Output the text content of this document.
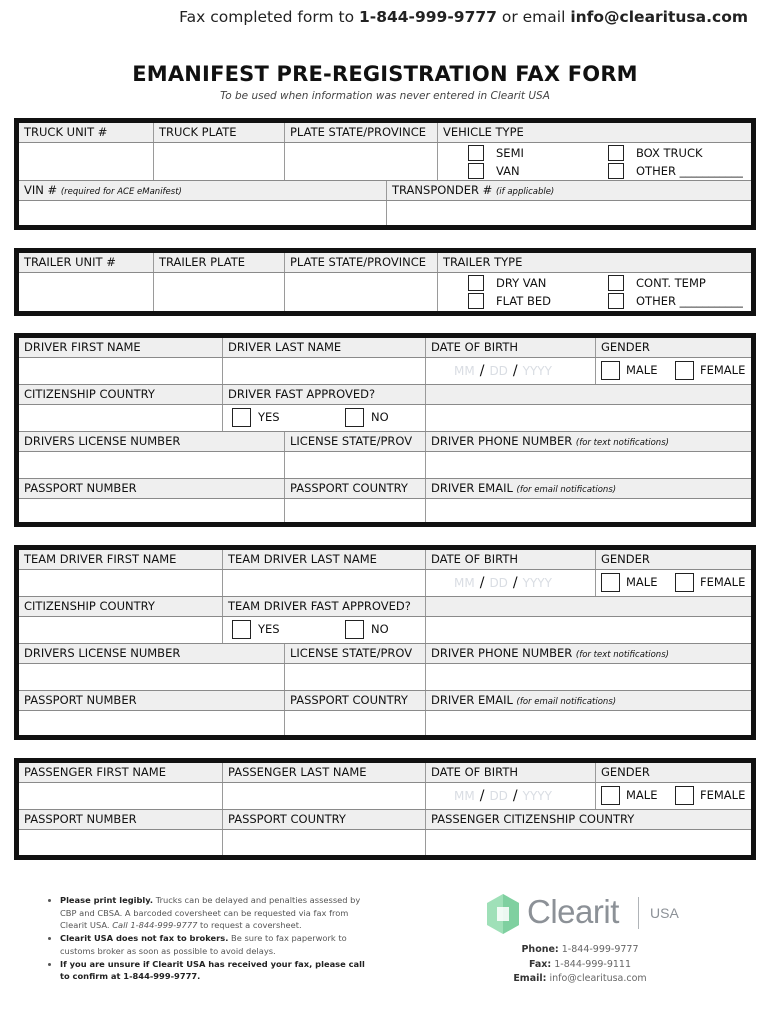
Fax completed form to 1-844-999-9777 or email info@clearitusa.com
EMANIFEST PRE-REGISTRATION FAX FORM
To be used when information was never entered in Clearit USA
TRUCK UNIT #	TRUCK PLATE	PLATE STATE/PROVINCE	VEHICLE TYPE
SEMI	BOX TRUCK
VAN	OTHER ___________
VIN # (required for ACE eManifest)	TRANSPONDER # (if applicable)
TRAILER UNIT #	TRAILER PLATE	PLATE STATE/PROVINCE	TRAILER TYPE
DRY VAN	CONT. TEMP
FLAT BED	OTHER ___________
DRIVER FIRST NAME	DRIVER LAST NAME	DATE OF BIRTH	GENDER
MM / DD / YYYY	MALE	FEMALE
CITIZENSHIP COUNTRY	DRIVER FAST APPROVED?
YES	NO
DRIVERS LICENSE NUMBER	LICENSE STATE/PROV	DRIVER PHONE NUMBER (for text notifications)
PASSPORT NUMBER	PASSPORT COUNTRY	DRIVER EMAIL (for email notifications)
TEAM DRIVER FIRST NAME	TEAM DRIVER LAST NAME	DATE OF BIRTH	GENDER
MM / DD / YYYY	MALE	FEMALE
CITIZENSHIP COUNTRY	TEAM DRIVER FAST APPROVED?
YES	NO
DRIVERS LICENSE NUMBER	LICENSE STATE/PROV	DRIVER PHONE NUMBER (for text notifications)
PASSPORT NUMBER	PASSPORT COUNTRY	DRIVER EMAIL (for email notifications)
PASSENGER FIRST NAME	PASSENGER LAST NAME	DATE OF BIRTH	GENDER
MM / DD / YYYY	MALE	FEMALE
PASSPORT NUMBER	PASSPORT COUNTRY	PASSENGER CITIZENSHIP COUNTRY
• Please print legibly. Trucks can be delayed and penalties assessed by CBP and CBSA. A barcoded coversheet can be requested via fax from Clearit USA. Call 1-844-999-9777 to request a coversheet.
• Clearit USA does not fax to brokers. Be sure to fax paperwork to customs broker as soon as possible to avoid delays.
• If you are unsure if Clearit USA has received your fax, please call to confirm at 1-844-999-9777.
Clearit USA
Phone: 1-844-999-9777
Fax: 1-844-999-9111
Email: info@clearitusa.com
